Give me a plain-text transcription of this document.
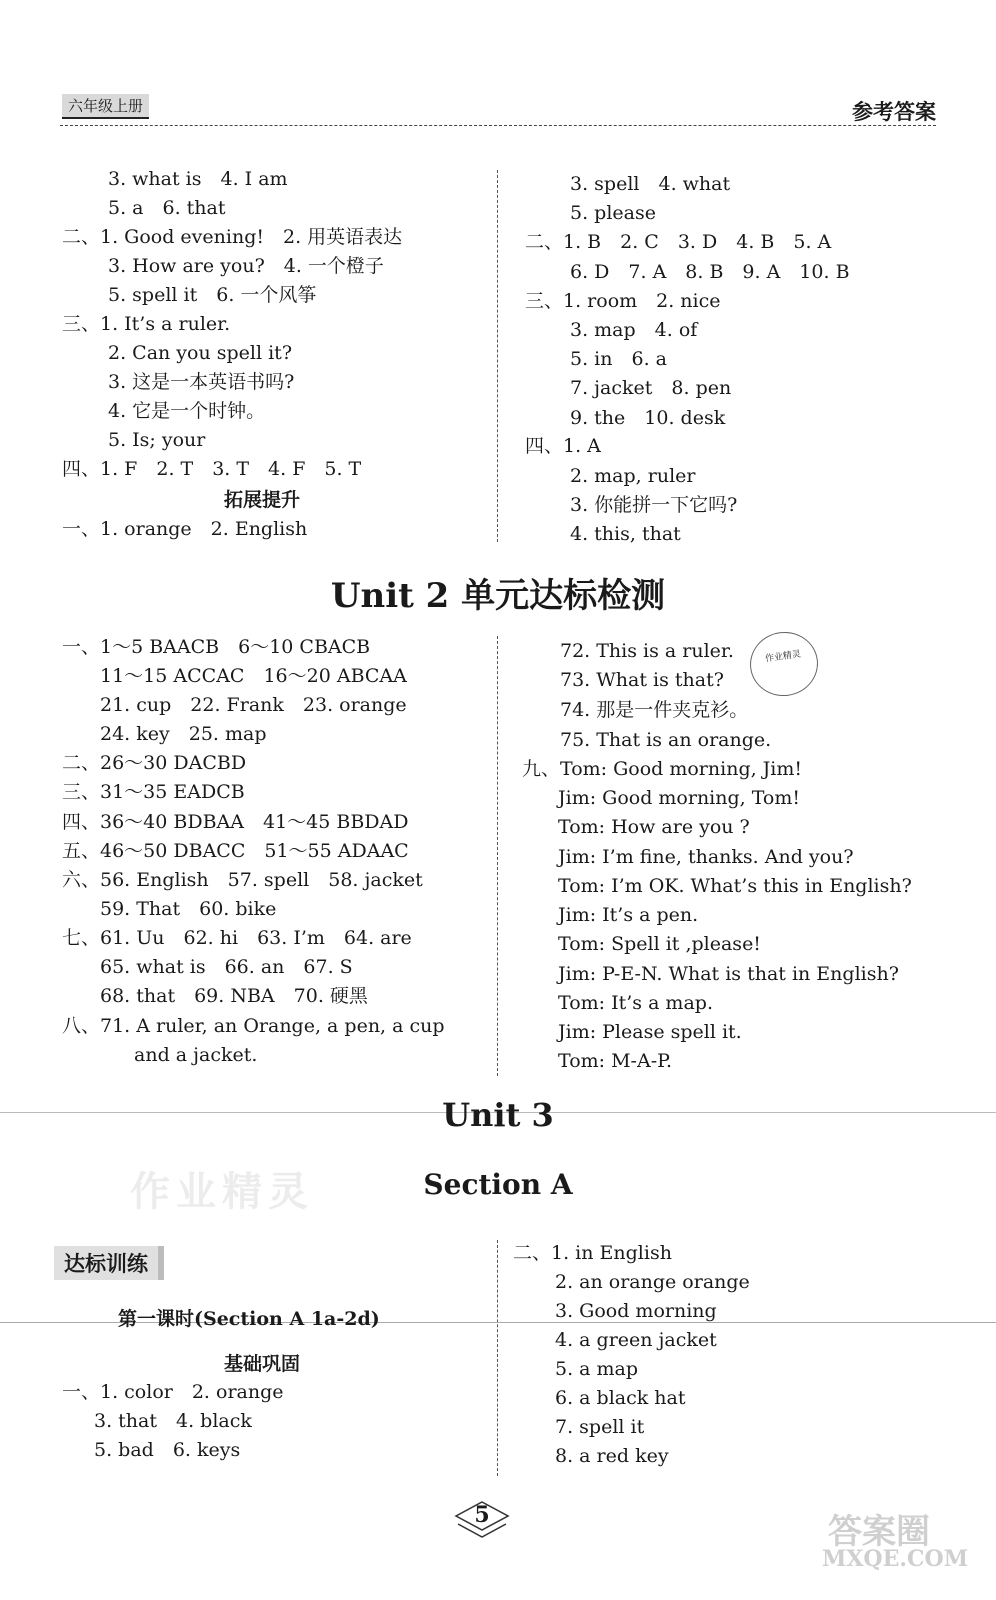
六年级上册	参考答案
3. what is　4. I am
5. a　6. that
二、1. Good evening!　2. 用英语表达
3. How are you?　4. 一个橙子
5. spell it　6. 一个风筝
三、1. It’s a ruler.
2. Can you spell it?
3. 这是一本英语书吗?
4. 它是一个时钟。
5. Is; your
四、1. F　2. T　3. T　4. F　5. T
拓展提升
一、1. orange　2. English
3. spell　4. what
5. please
二、1. B　2. C　3. D　4. B　5. A
6. D　7. A　8. B　9. A　10. B
三、1. room　2. nice
3. map　4. of
5. in　6. a
7. jacket　8. pen
9. the　10. desk
四、1. A
2. map, ruler
3. 你能拼一下它吗?
4. this, that
Unit 2 单元达标检测
一、1～5 BAACB　6～10 CBACB
11～15 ACCAC　16～20 ABCAA
21. cup　22. Frank　23. orange
24. key　25. map
二、26～30 DACBD
三、31～35 EADCB
四、36～40 BDBAA　41～45 BBDAD
五、46～50 DBACC　51～55 ADAAC
六、56. English　57. spell　58. jacket
59. That　60. bike
七、61. Uu　62. hi　63. I’m　64. are
65. what is　66. an　67. S
68. that　69. NBA　70. 硬黑
八、71. A ruler, an Orange, a pen, a cup
and a jacket.
72. This is a ruler.
73. What is that?
74. 那是一件夹克衫。
75. That is an orange.
九、Tom: Good morning, Jim!
Jim: Good morning, Tom!
Tom: How are you ?
Jim: I’m fine, thanks. And you?
Tom: I’m OK. What’s this in English?
Jim: It’s a pen.
Tom: Spell it ,please!
Jim: P-E-N. What is that in English?
Tom: It’s a map.
Jim: Please spell it.
Tom: M-A-P.
作业精灵
Unit 3
Section A
作业精灵
达标训练
第一课时(Section A 1a-2d)
基础巩固
一、1. color　2. orange
3. that　4. black
5. bad　6. keys
二、1. in English
2. an orange orange
3. Good morning
4. a green jacket
5. a map
6. a black hat
7. spell it
8. a red key
5	答案圈
MXQE.COM
